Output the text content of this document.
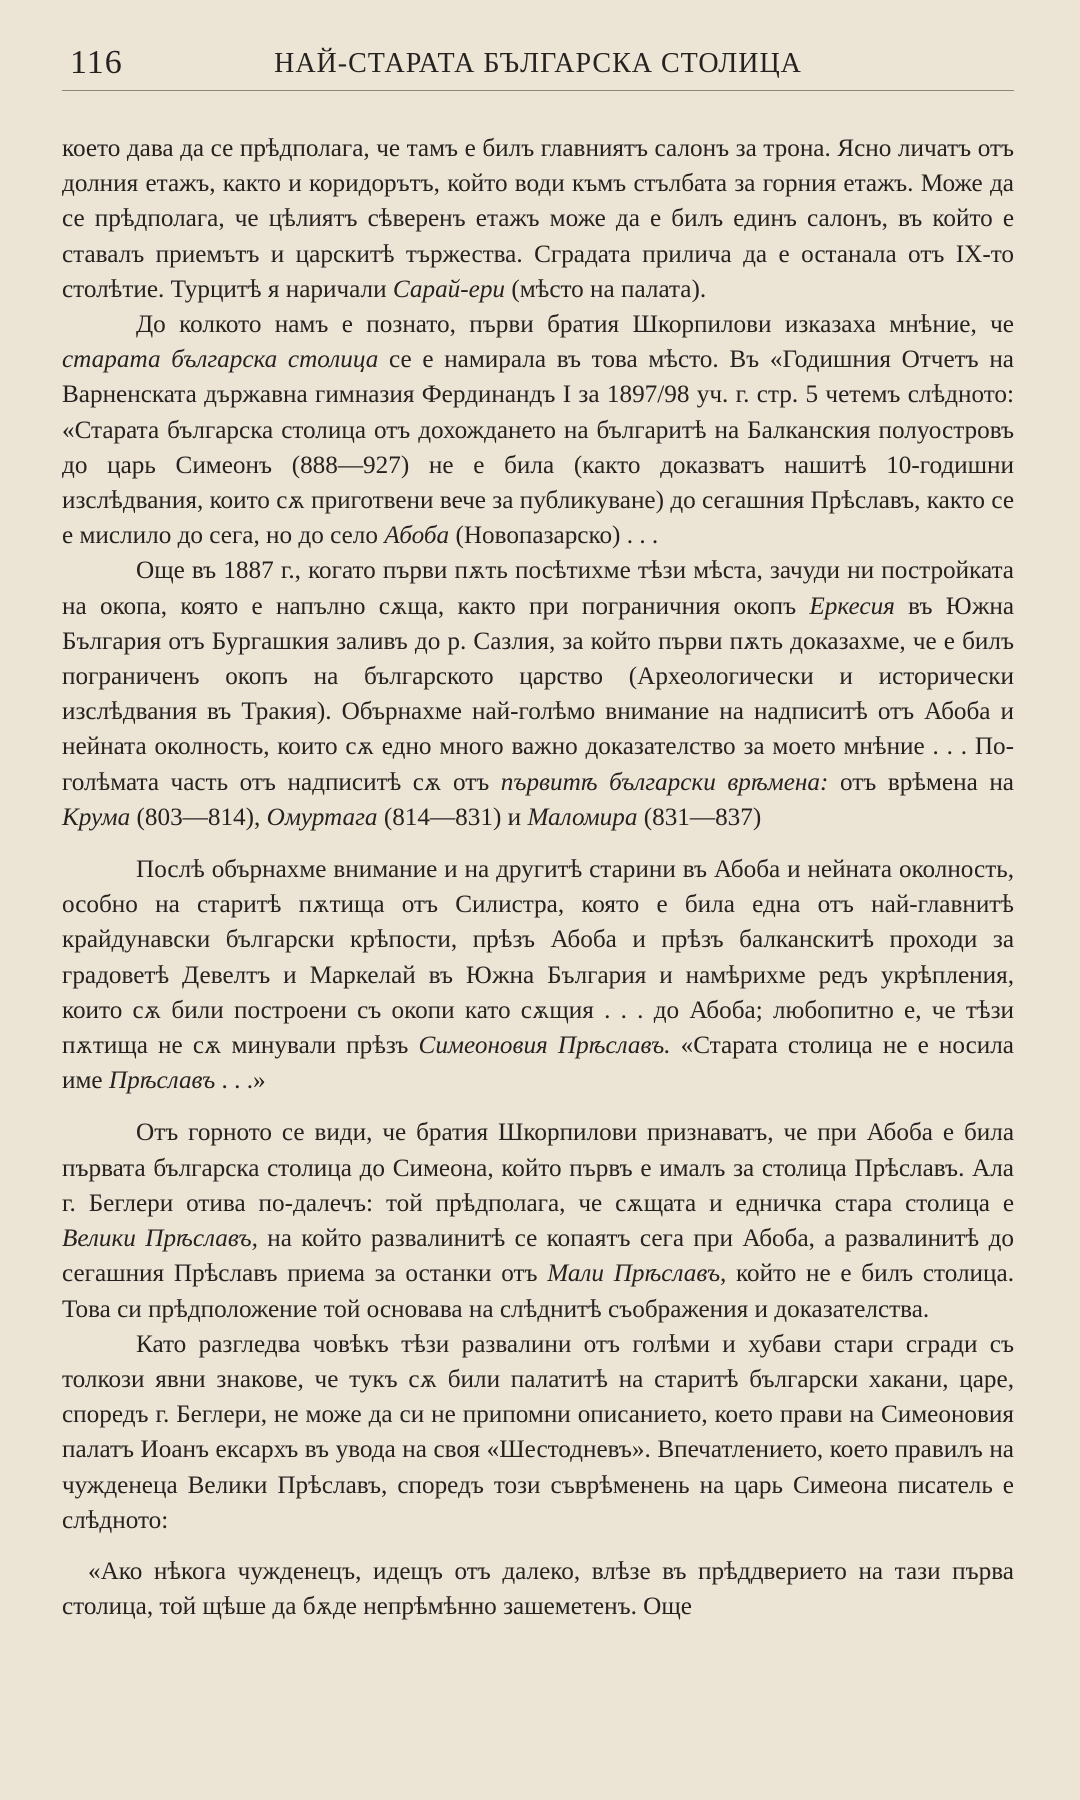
116	НАЙ-СТАРАТА БЪЛГАРСКА СТОЛИЦА

което дава да се прѣдполага, че тамъ е билъ главниятъ салонъ за трона. Ясно личатъ отъ долния етажъ, както и коридорътъ, който води къмъ стълбата за горния етажъ. Може да се прѣдполага, че цѣлиятъ сѣверенъ етажъ може да е билъ единъ салонъ, въ който е ставалъ приемътъ и царскитѣ тържества. Сградата прилича да е останала отъ IX-то столѣтие. Турцитѣ я наричали Сарай-ери (мѣсто на палата).

До колкото намъ е познато, първи братия Шкорпилови изказаха мнѣние, че старата българска столица се е намирала въ това мѣсто. Въ «Годишния Отчетъ на Варненската държавна гимназия Фердинандъ I за 1897/98 уч. г. стр. 5 четемъ слѣдното: «Старата българска столица отъ дохождането на българитѣ на Балканския полуостровъ до царь Симеонъ (888—927) не е била (както доказватъ нашитѣ 10-годишни изслѣдвания, които сѫ приготвени вече за публикуване) до сегашния Прѣславъ, както се е мислило до сега, но до село Абоба (Новопазарско) . . .

Още въ 1887 г., когато първи пѫть посѣтихме тѣзи мѣста, зачуди ни постройката на окопа, която е напълно сѫща, както при пограничния окопъ Еркесия въ Южна България отъ Бургашкия заливъ до р. Сазлия, за който първи пѫть доказахме, че е билъ пограниченъ окопъ на българското царство (Археологически и исторически изслѣдвания въ Тракия). Обърнахме най-голѣмо внимание на надписитѣ отъ Абоба и нейната околность, които сѫ едно много важно доказателство за моето мнѣние . . . По-голѣмата часть отъ надписитѣ сѫ отъ първитѣ български врѣмена: отъ врѣмена на Крума (803—814), Омуртага (814—831) и Маломира (831—837)

Послѣ обърнахме внимание и на другитѣ старини въ Абоба и нейната околность, особно на старитѣ пѫтища отъ Силистра, която е била една отъ най-главнитѣ крайдунавски български крѣпости, прѣзъ Абоба и прѣзъ балканскитѣ проходи за градоветѣ Девелтъ и Маркелай въ Южна България и намѣрихме редъ укрѣпления, които сѫ били построени съ окопи като сѫщия . . . до Абоба; любопитно е, че тѣзи пѫтища не сѫ минували прѣзъ Симеоновия Прѣславъ. «Старата столица не е носила име Прѣславъ . . .»

Отъ горното се види, че братия Шкорпилови признаватъ, че при Абоба е била първата българска столица до Симеона, който първъ е ималъ за столица Прѣславъ. Ала г. Беглери отива по-далечъ: той прѣдполага, че сѫщата и едничка стара столица е Велики Прѣславъ, на който развалинитѣ се копаятъ сега при Абоба, а развалинитѣ до сегашния Прѣславъ приема за останки отъ Мали Прѣславъ, който не е билъ столица. Това си прѣдположение той основава на слѣднитѣ съображения и доказателства.

Като разгледва човѣкъ тѣзи развалини отъ голѣми и хубави стари сгради съ толкози явни знакове, че тукъ сѫ били палатитѣ на старитѣ български хакани, царе, споредъ г. Беглери, не може да си не припомни описанието, което прави на Симеоновия палатъ Иоанъ ексархъ въ увода на своя «Шестодневъ». Впечатлението, което правилъ на чужденеца Велики Прѣславъ, споредъ този съврѣменень на царь Симеона писатель е слѣдното:

«Ако нѣкога чужденецъ, идещъ отъ далеко, влѣзе въ прѣддверието на тази първа столица, той щѣше да бѫде непрѣмѣнно зашеметенъ. Още
